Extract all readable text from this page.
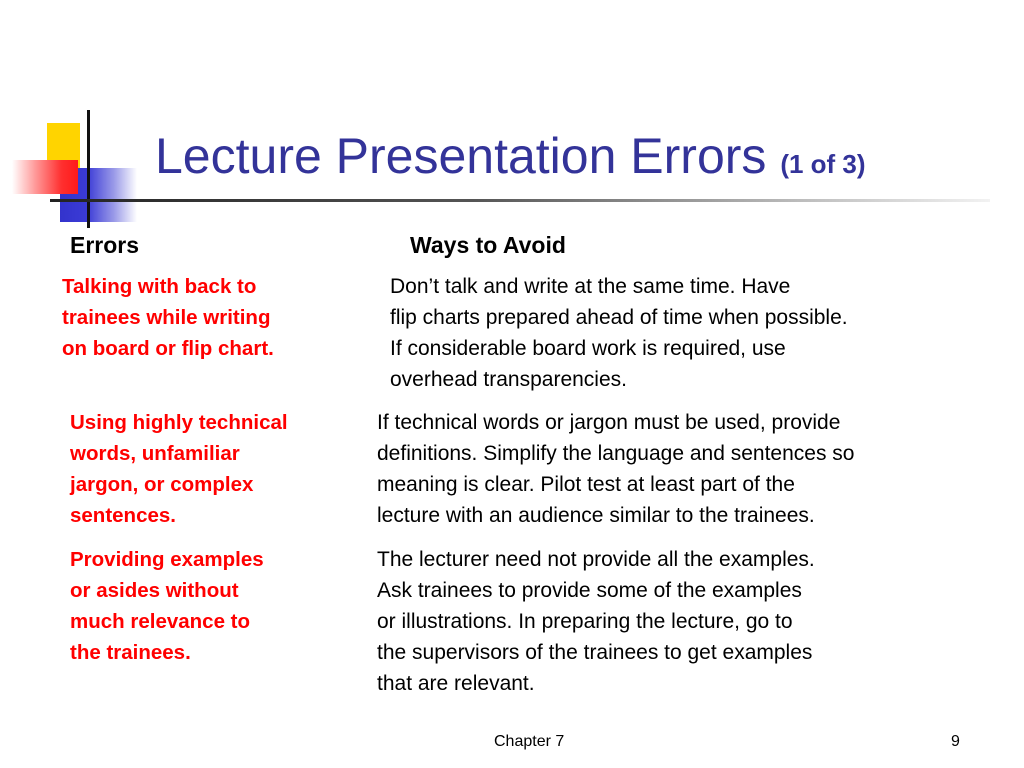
Lecture Presentation Errors (1 of 3)
Errors	Ways to Avoid
Talking with back to
trainees while writing
on board or flip chart.
Don’t talk and write at the same time. Have
flip charts prepared ahead of time when possible.
If considerable board work is required, use
overhead transparencies.
Using highly technical
words, unfamiliar
jargon, or complex
sentences.
If technical words or jargon must be used, provide
definitions. Simplify the language and sentences so
meaning is clear. Pilot test at least part of the
lecture with an audience similar to the trainees.
Providing examples
or asides without
much relevance to
the trainees.
The lecturer need not provide all the examples.
Ask trainees to provide some of the examples
or illustrations. In preparing the lecture, go to
the supervisors of the trainees to get examples
that are relevant.
Chapter 7	9
